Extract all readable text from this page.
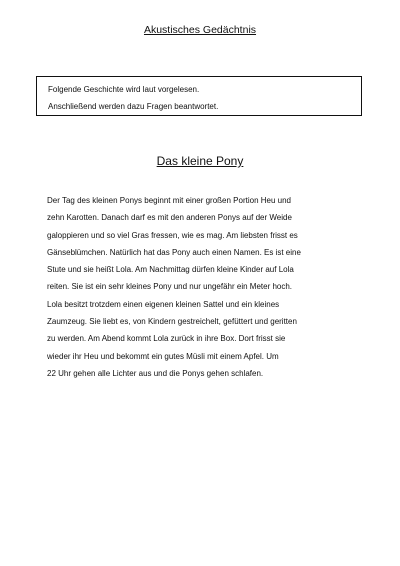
Akustisches Gedächtnis
Folgende Geschichte wird laut vorgelesen.
Anschließend werden dazu Fragen beantwortet.
Das kleine Pony
Der Tag des kleinen Ponys beginnt mit einer großen Portion Heu und
zehn Karotten. Danach darf es mit den anderen Ponys auf der Weide
galoppieren und so viel Gras fressen, wie es mag. Am liebsten frisst es
Gänseblümchen. Natürlich hat das Pony auch einen Namen. Es ist eine
Stute und sie heißt Lola. Am Nachmittag dürfen kleine Kinder auf Lola
reiten. Sie ist ein sehr kleines Pony und nur ungefähr ein Meter hoch.
Lola besitzt trotzdem einen eigenen kleinen Sattel und ein kleines
Zaumzeug. Sie liebt es, von Kindern gestreichelt, gefüttert und geritten
zu werden. Am Abend kommt Lola zurück in ihre Box. Dort frisst sie
wieder ihr Heu und bekommt ein gutes Müsli mit einem Apfel. Um
22 Uhr gehen alle Lichter aus und die Ponys gehen schlafen.
